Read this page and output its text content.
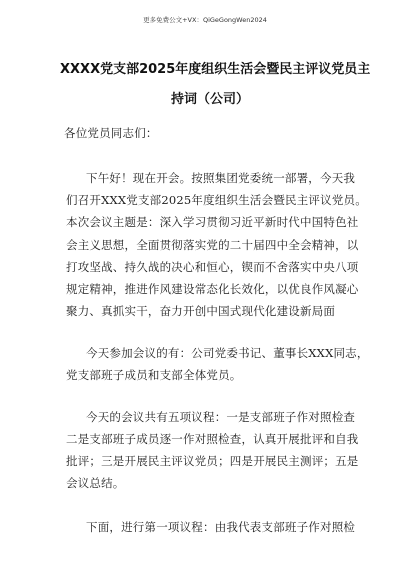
更多免费公文+VX：QiGeGongWen2024
XXXX党支部2025年度组织生活会暨民主评议党员主
持词（公司）
各位党员同志们：
下午好！现在开会。按照集团党委统一部署，今天我
们召开XXX党支部2025年度组织生活会暨民主评议党员。
本次会议主题是：深入学习贯彻习近平新时代中国特色社
会主义思想，全面贯彻落实党的二十届四中全会精神，以
打攻坚战、持久战的决心和恒心，锲而不舍落实中央八项
规定精神，推进作风建设常态化长效化，以优良作风凝心
聚力、真抓实干，奋力开创中国式现代化建设新局面
今天参加会议的有：公司党委书记、董事长XXX同志，
党支部班子成员和支部全体党员。
今天的会议共有五项议程：一是支部班子作对照检查
二是支部班子成员逐一作对照检查，认真开展批评和自我
批评；三是开展民主评议党员；四是开展民主测评；五是
会议总结。
下面，进行第一项议程：由我代表支部班子作对照检
